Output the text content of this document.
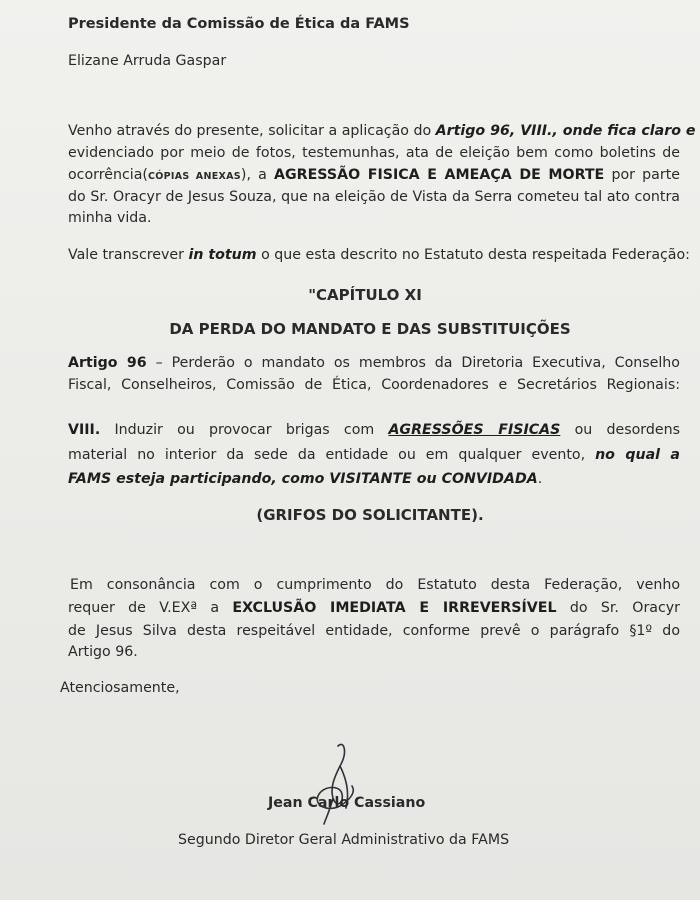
Presidente da Comissão de Ética da FAMS
Elizane Arruda Gaspar
Venho através do presente, solicitar a aplicação do Artigo 96, VIII., onde fica claro e
evidenciado por meio de fotos, testemunhas, ata de eleição bem como boletins de
ocorrência(CÓPIAS ANEXAS), a AGRESSÃO FISICA E AMEAÇA DE MORTE por parte
do Sr. Oracyr de Jesus Souza, que na eleição de Vista da Serra cometeu tal ato contra
minha vida.
Vale transcrever in totum o que esta descrito no Estatuto desta respeitada Federação:
"CAPÍTULO XI
DA PERDA DO MANDATO E DAS SUBSTITUIÇÕES
Artigo 96 – Perderão o mandato os membros da Diretoria Executiva, Conselho
Fiscal, Conselheiros, Comissão de Ética, Coordenadores e Secretários Regionais:
VIII. Induzir ou provocar brigas com AGRESSÕES FISICAS ou desordens
material no interior da sede da entidade ou em qualquer evento, no qual a
FAMS esteja participando, como VISITANTE ou CONVIDADA.
(GRIFOS DO SOLICITANTE).
Em consonância com o cumprimento do Estatuto desta Federação, venho
requer de V.EXª a EXCLUSÃO IMEDIATA E IRREVERSÍVEL do Sr. Oracyr
de Jesus Silva desta respeitável entidade, conforme prevê o parágrafo §1º do
Artigo 96.
Atenciosamente,
Jean Carlo Cassiano
Segundo Diretor Geral Administrativo da FAMS
